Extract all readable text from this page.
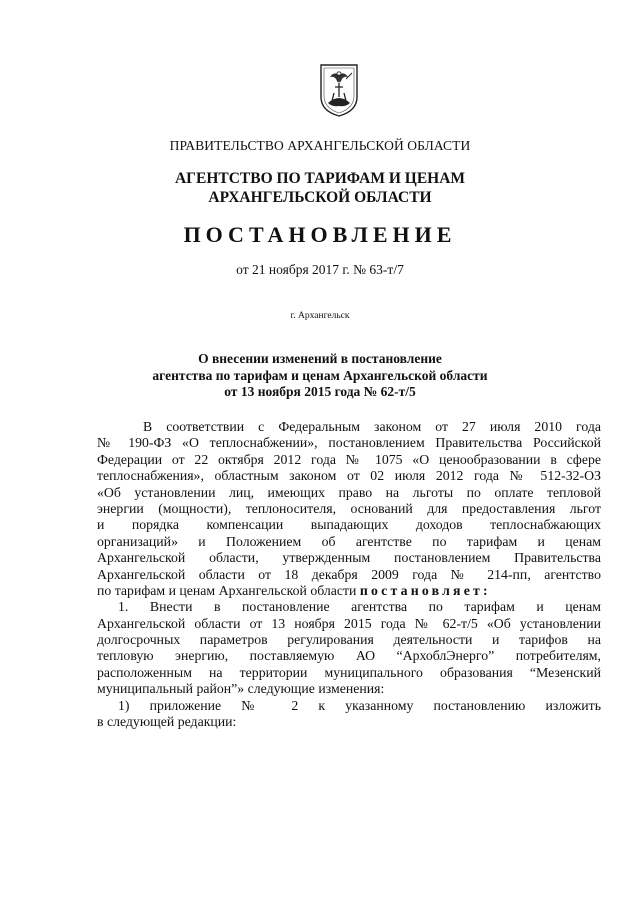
ПРАВИТЕЛЬСТВО АРХАНГЕЛЬСКОЙ ОБЛАСТИ
АГЕНТСТВО ПО ТАРИФАМ И ЦЕНАМ
АРХАНГЕЛЬСКОЙ ОБЛАСТИ
ПОСТАНОВЛЕНИЕ
от 21 ноября 2017 г. № 63-т/7
г. Архангельск
О внесении изменений в постановление
агентства по тарифам и ценам Архангельской области
от 13 ноября 2015 года № 62-т/5
В соответствии с Федеральным законом от 27 июля 2010 года
№ 190-ФЗ «О теплоснабжении», постановлением Правительства Российской
Федерации от 22 октября 2012 года № 1075 «О ценообразовании в сфере
теплоснабжения», областным законом от 02 июля 2012 года № 512-32-ОЗ
«Об установлении лиц, имеющих право на льготы по оплате тепловой
энергии (мощности), теплоносителя, оснований для предоставления льгот
и порядка компенсации выпадающих доходов теплоснабжающих
организаций» и Положением об агентстве по тарифам и ценам
Архангельской области, утвержденным постановлением Правительства
Архангельской области от 18 декабря 2009 года № 214-пп, агентство
по тарифам и ценам Архангельской области постановляет:
1. Внести в постановление агентства по тарифам и ценам
Архангельской области от 13 ноября 2015 года № 62-т/5 «Об установлении
долгосрочных параметров регулирования деятельности и тарифов на
тепловую энергию, поставляемую АО “АрхоблЭнерго” потребителям,
расположенным на территории муниципального образования “Мезенский
муниципальный район”» следующие изменения:
1) приложение № 2 к указанному постановлению изложить
в следующей редакции:
